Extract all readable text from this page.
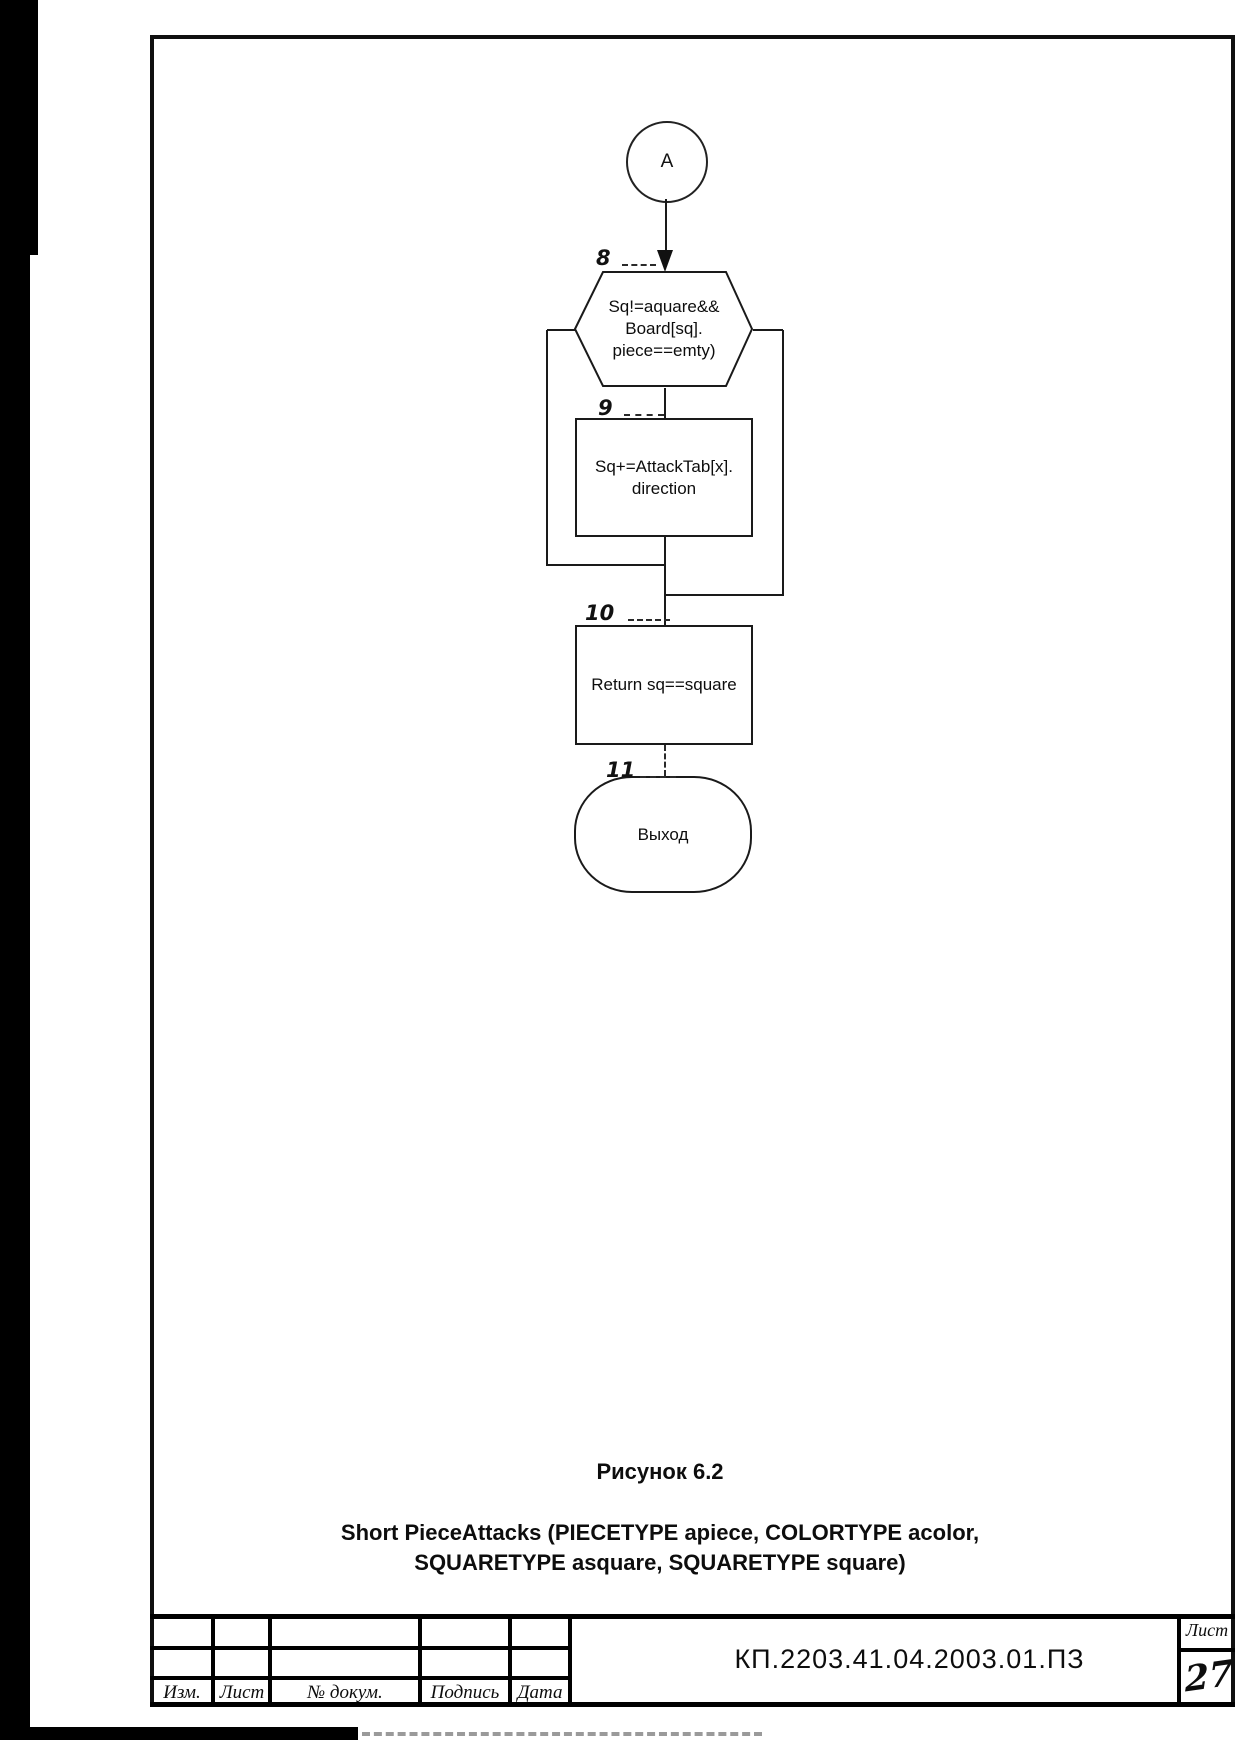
A
Sq!=aquare&&
Board[sq].
piece==emty)
8
Sq+=AttackTab[x].
direction
9
Return sq==square
10
Выход
11
Рисунок 6.2
Short PieceAttacks (PIECETYPE apiece, COLORTYPE acolor,
SQUARETYPE asquare, SQUARETYPE square)
Изм. Лист	№ докум.	Подпись Дата
КП.2203.41.04.2003.01.ПЗ
Лист
27
